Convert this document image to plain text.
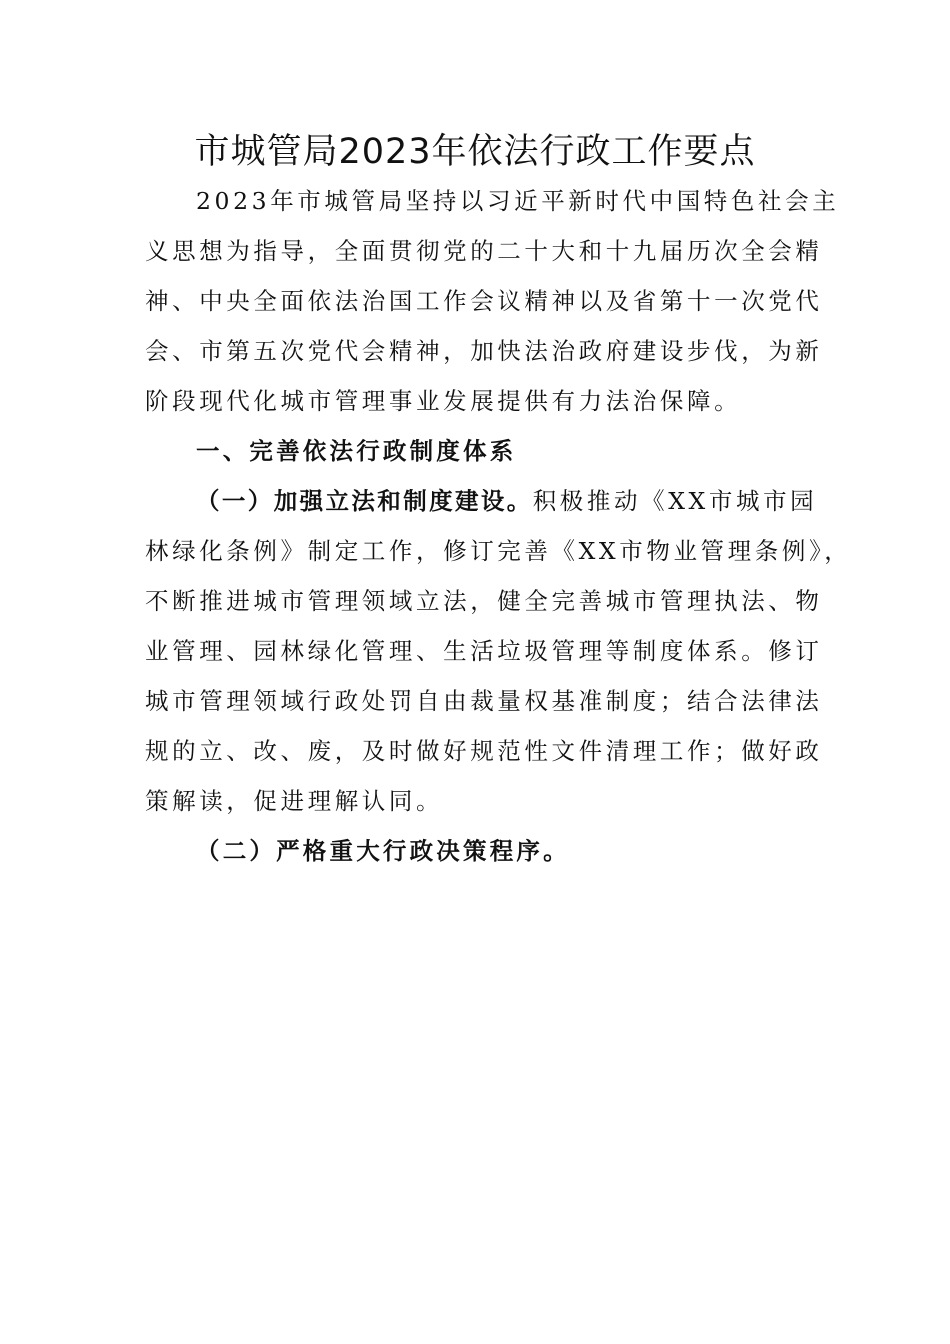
市城管局2023年依法行政工作要点
2023年市城管局坚持以习近平新时代中国特色社会主
义思想为指导，全面贯彻党的二十大和十九届历次全会精
神、中央全面依法治国工作会议精神以及省第十一次党代
会、市第五次党代会精神，加快法治政府建设步伐，为新
阶段现代化城市管理事业发展提供有力法治保障。
一、完善依法行政制度体系
（一）加强立法和制度建设。积极推动《XX市城市园
林绿化条例》制定工作，修订完善《XX市物业管理条例》，
不断推进城市管理领域立法，健全完善城市管理执法、物
业管理、园林绿化管理、生活垃圾管理等制度体系。修订
城市管理领域行政处罚自由裁量权基准制度；结合法律法
规的立、改、废，及时做好规范性文件清理工作；做好政
策解读，促进理解认同。
（二）严格重大行政决策程序。
